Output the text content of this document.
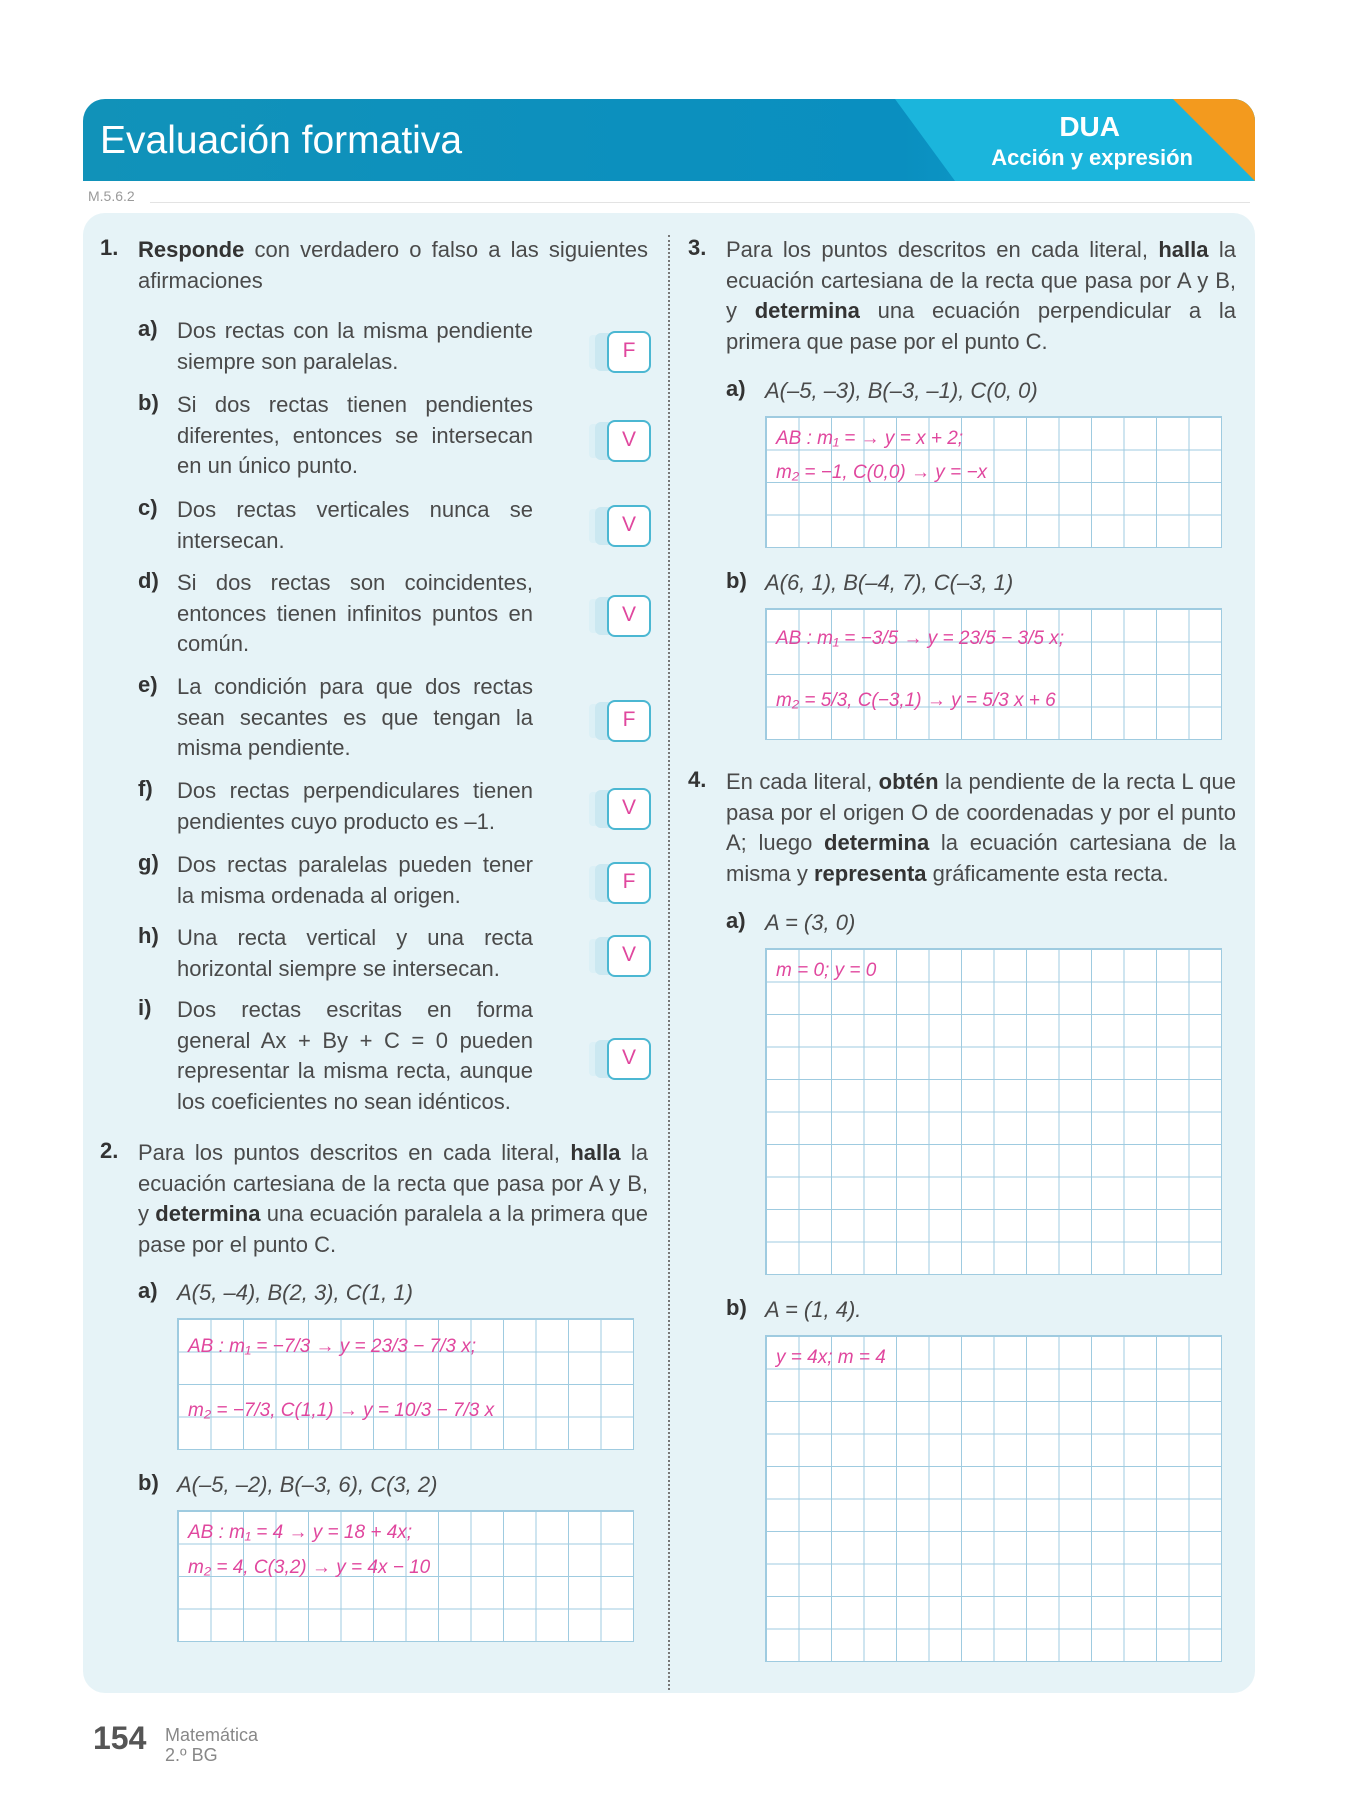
Evaluación formativa	DUA
Acción y expresión
M.5.6.2
1. Responde con verdadero o falso a las siguientes afirmaciones
a) Dos rectas con la misma pendiente siempre son paralelas.	F
b) Si dos rectas tienen pendientes diferentes, entonces se intersecan en un único punto.
V
c) Dos rectas verticales nunca se intersecan.
V
d) Si dos rectas son coincidentes, entonces tienen infinitos puntos en común.
V
e) La condición para que dos rectas sean secantes es que tengan la misma pendiente.
F
f) Dos rectas perpendiculares tienen pendientes cuyo producto es –1.
V
g) Dos rectas paralelas pueden tener la misma ordenada al origen.
F
h) Una recta vertical y una recta horizontal siempre se intersecan.
V
i) Dos rectas escritas en forma general Ax + By + C = 0 pueden representar la misma recta, aunque los coeficientes no sean idénticos.
V
2. Para los puntos descritos en cada literal, halla la ecuación cartesiana de la recta que pasa por A y B, y determina una ecuación paralela a la primera que pase por el punto C.
a) A(5, –4), B(2, 3), C(1, 1)
AB : m₁ = −7/3 → y = 23/3 − 7/3 x;
m₂ = −7/3, C(1,1) → y = 10/3 − 7/3 x
b) A(–5, –2), B(–3, 6), C(3, 2)
AB : m₁ = 4 → y = 18 + 4x;
m₂ = 4, C(3,2) → y = 4x − 10
3. Para los puntos descritos en cada literal, halla la ecuación cartesiana de la recta que pasa por A y B, y determina una ecuación perpendicular a la primera que pase por el punto C.
a) A(–5, –3), B(–3, –1), C(0, 0)
AB : m₁ = → y = x + 2;
m₂ = −1, C(0,0) → y = −x
b) A(6, 1), B(–4, 7), C(–3, 1)
AB : m₁ = −3/5 → y = 23/5 − 3/5 x;
m₂ = 5/3, C(−3,1) → y = 5/3 x + 6
4. En cada literal, obtén la pendiente de la recta L que pasa por el origen O de coordenadas y por el punto A; luego determina la ecuación cartesiana de la misma y representa gráficamente esta recta.
a) A = (3, 0)
m = 0; y = 0
b) A = (1, 4).
y = 4x; m = 4
154 Matemática
2.º BG
